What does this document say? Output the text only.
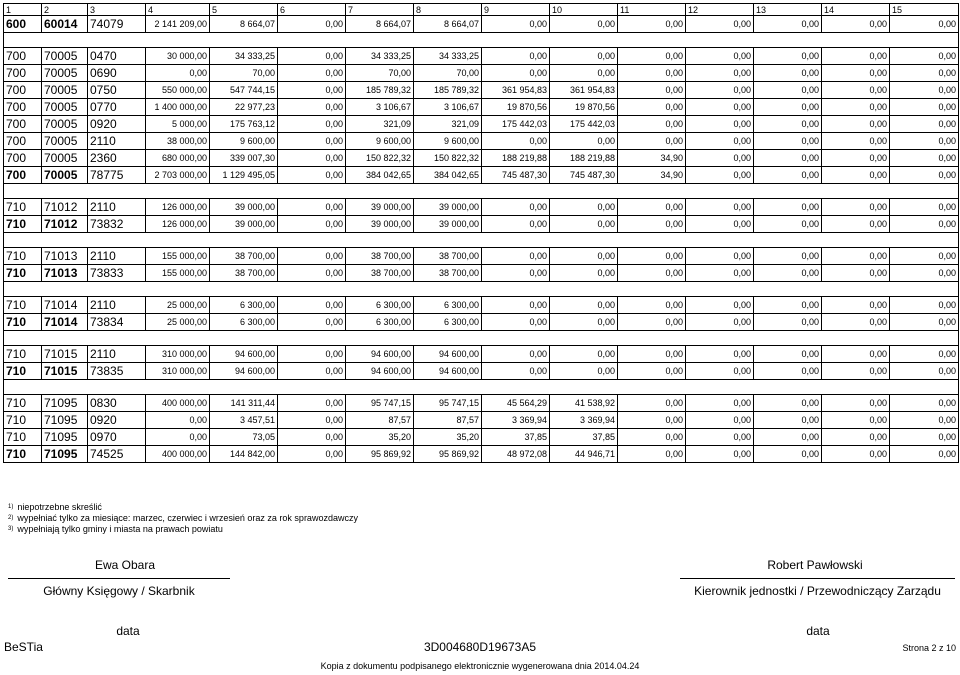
1	2	3	4	5	6	7	8	9	10	11	12	13	14	15
600	60014	74079	2 141 209,00	8 664,07	0,00	8 664,07	8 664,07	0,00	0,00	0,00	0,00	0,00	0,00	0,00

700	70005	0470	30 000,00	34 333,25	0,00	34 333,25	34 333,25	0,00	0,00	0,00	0,00	0,00	0,00	0,00
700	70005	0690	0,00	70,00	0,00	70,00	70,00	0,00	0,00	0,00	0,00	0,00	0,00	0,00
700	70005	0750	550 000,00	547 744,15	0,00	185 789,32	185 789,32	361 954,83	361 954,83	0,00	0,00	0,00	0,00	0,00
700	70005	0770	1 400 000,00	22 977,23	0,00	3 106,67	3 106,67	19 870,56	19 870,56	0,00	0,00	0,00	0,00	0,00
700	70005	0920	5 000,00	175 763,12	0,00	321,09	321,09	175 442,03	175 442,03	0,00	0,00	0,00	0,00	0,00
700	70005	2110	38 000,00	9 600,00	0,00	9 600,00	9 600,00	0,00	0,00	0,00	0,00	0,00	0,00	0,00
700	70005	2360	680 000,00	339 007,30	0,00	150 822,32	150 822,32	188 219,88	188 219,88	34,90	0,00	0,00	0,00	0,00
700	70005	78775	2 703 000,00	1 129 495,05	0,00	384 042,65	384 042,65	745 487,30	745 487,30	34,90	0,00	0,00	0,00	0,00

710	71012	2110	126 000,00	39 000,00	0,00	39 000,00	39 000,00	0,00	0,00	0,00	0,00	0,00	0,00	0,00
710	71012	73832	126 000,00	39 000,00	0,00	39 000,00	39 000,00	0,00	0,00	0,00	0,00	0,00	0,00	0,00

710	71013	2110	155 000,00	38 700,00	0,00	38 700,00	38 700,00	0,00	0,00	0,00	0,00	0,00	0,00	0,00
710	71013	73833	155 000,00	38 700,00	0,00	38 700,00	38 700,00	0,00	0,00	0,00	0,00	0,00	0,00	0,00

710	71014	2110	25 000,00	6 300,00	0,00	6 300,00	6 300,00	0,00	0,00	0,00	0,00	0,00	0,00	0,00
710	71014	73834	25 000,00	6 300,00	0,00	6 300,00	6 300,00	0,00	0,00	0,00	0,00	0,00	0,00	0,00

710	71015	2110	310 000,00	94 600,00	0,00	94 600,00	94 600,00	0,00	0,00	0,00	0,00	0,00	0,00	0,00
710	71015	73835	310 000,00	94 600,00	0,00	94 600,00	94 600,00	0,00	0,00	0,00	0,00	0,00	0,00	0,00

710	71095	0830	400 000,00	141 311,44	0,00	95 747,15	95 747,15	45 564,29	41 538,92	0,00	0,00	0,00	0,00	0,00
710	71095	0920	0,00	3 457,51	0,00	87,57	87,57	3 369,94	3 369,94	0,00	0,00	0,00	0,00	0,00
710	71095	0970	0,00	73,05	0,00	35,20	35,20	37,85	37,85	0,00	0,00	0,00	0,00	0,00
710	71095	74525	400 000,00	144 842,00	0,00	95 869,92	95 869,92	48 972,08	44 946,71	0,00	0,00	0,00	0,00	0,00
$^{1)}$ niepotrzebne skreślić
$^{2)}$ wypełniać tylko za miesiące: marzec, czerwiec i wrzesień oraz za rok sprawozdawczy
$^{3)}$ wypełniają tylko gminy i miasta na prawach powiatu
Ewa Obara
Główny Księgowy / Skarbnik
Robert Pawłowski
Kierownik jednostki / Przewodniczący Zarządu
data	data
BeSTia	3D004680D19673A5	Strona 2 z 10
Kopia z dokumentu podpisanego elektronicznie wygenerowana dnia 2014.04.24
